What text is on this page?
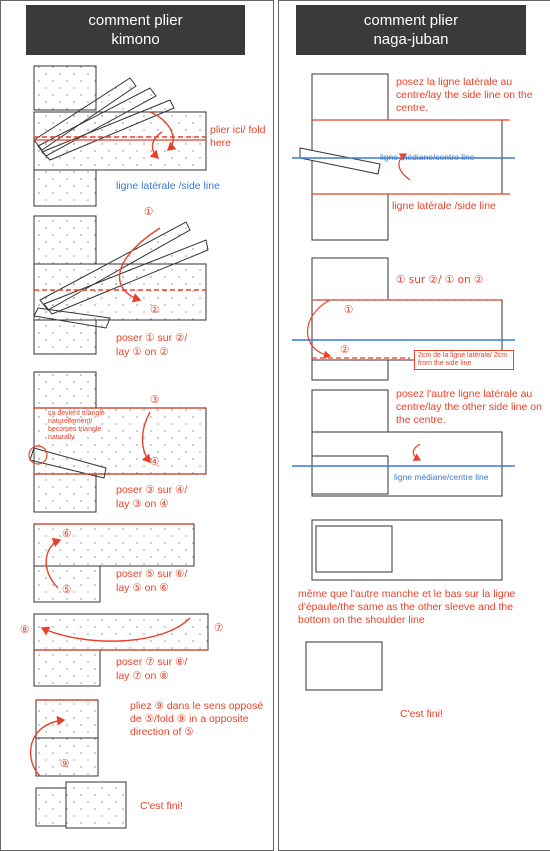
comment plier
kimono
comment plier
naga-juban
plier ici/ fold here
ligne latérale /side line
①
②
poser ① sur ②/
lay ① on ②
③
④
ça devient triangle naturellement/ becomes triangle naturally
poser ③ sur ④/
lay ③ on ④
⑥
⑤
poser ⑤ sur ⑥/
lay ⑤ on ⑥
⑧	⑦
poser ⑦ sur ⑧/
lay ⑦ on ⑧
pliez ⑨ dans le sens opposé de ⑤/fold ⑨ in a opposite direction of ⑤
⑨
C'est fini!
posez la ligne latérale au centre/lay the side line on the centre.
ligne médiane/centre line
ligne latérale /side line
① sur ②/ ① on ②
①
②	2cm de la ligne latérale/ 2cm from the side line
posez l'autre ligne latérale au centre/lay the other side line on the centre.
ligne médiane/centre line
même que l'autre manche et le bas sur la ligne d'épaule/the same as the other sleeve and the bottom on the shoulder line
C'est fini!
